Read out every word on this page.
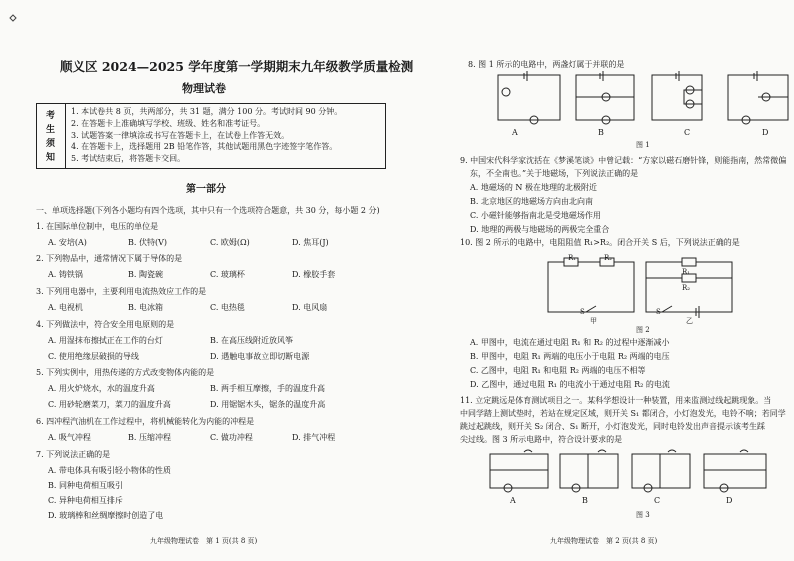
顺义区 2024—2025 学年度第一学期期末九年级教学质量检测
物理试卷
考
生
须
知
1. 本试卷共 8 页，共两部分，共 31 题，满分 100 分。考试时间 90 分钟。
2. 在答题卡上准确填写学校、班级、姓名和准考证号。
3. 试题答案一律填涂或书写在答题卡上，在试卷上作答无效。
4. 在答题卡上，选择题用 2B 铅笔作答，其他试题用黑色字迹签字笔作答。
5. 考试结束后，将答题卡交回。
第一部分
一、单项选择题(下列各小题均有四个选项，其中只有一个选项符合题意，共 30 分，每小题 2 分)
1. 在国际单位制中，电压的单位是
A. 安培(A)	B. 伏特(V)	C. 欧姆(Ω)	D. 焦耳(J)
2. 下列物品中，通常情况下属于导体的是
A. 铸铁锅	B. 陶瓷碗	C. 玻璃杯	D. 橡胶手套
3. 下列用电器中，主要利用电流热效应工作的是
A. 电视机	B. 电冰箱	C. 电热毯	D. 电风扇
4. 下列做法中，符合安全用电原则的是
A. 用湿抹布擦拭正在工作的台灯	B. 在高压线附近放风筝
C. 使用绝缘层破损的导线	D. 遇触电事故立即切断电源
5. 下列实例中，用热传递的方式改变物体内能的是
A. 用火炉烧水，水的温度升高	B. 两手相互摩擦，手的温度升高
C. 用砂轮磨菜刀，菜刀的温度升高	D. 用锯锯木头，锯条的温度升高
6. 四冲程汽油机在工作过程中，将机械能转化为内能的冲程是
A. 吸气冲程	B. 压缩冲程	C. 做功冲程	D. 排气冲程
7. 下列说法正确的是
A. 带电体具有吸引轻小物体的性质
B. 同种电荷相互吸引
C. 异种电荷相互排斥
D. 玻璃棒和丝绸摩擦时创造了电
九年级物理试卷　第 1 页(共 8 页)
8. 图 1 所示的电路中，两盏灯属于并联的是
A	B	C	D
图 1
9. 中国宋代科学家沈括在《梦溪笔谈》中曾记载：“方家以磁石磨针锋，则能指南，然常微偏
东，不全南也。”关于地磁场，下列说法正确的是
A. 地磁场的 N 极在地理的北极附近
B. 北京地区的地磁场方向由北向南
C. 小磁针能够指南北是受地磁场作用
D. 地理的两极与地磁场的两极完全重合
10. 图 2 所示的电路中，电阻阻值 R₁>R₂。闭合开关 S 后，下列说法正确的是
R₁	R₂
R₁
R₂
S	S
甲	乙
图 2
A. 甲图中，电流在通过电阻 R₁ 和 R₂ 的过程中逐渐减小
B. 甲图中，电阻 R₁ 两端的电压小于电阻 R₂ 两端的电压
C. 乙图中，电阻 R₁ 和电阻 R₂ 两端的电压不相等
D. 乙图中，通过电阻 R₁ 的电流小于通过电阻 R₂ 的电流
11. 立定跳远是体育测试项目之一。某科学想设计一种装置，用来监测过线起跳现象。当
中同学踏上测试垫时，若站在规定区域，则开关 S₁ 都闭合，小灯泡发光，电铃不响；若同学
跳过起跳线，则开关 S₂ 闭合、S₁ 断开，小灯泡发光，同时电铃发出声音提示该考生踩
尖过线。图 3 所示电路中，符合设计要求的是
A	B	C	D
图 3
九年级物理试卷　第 2 页(共 8 页)
